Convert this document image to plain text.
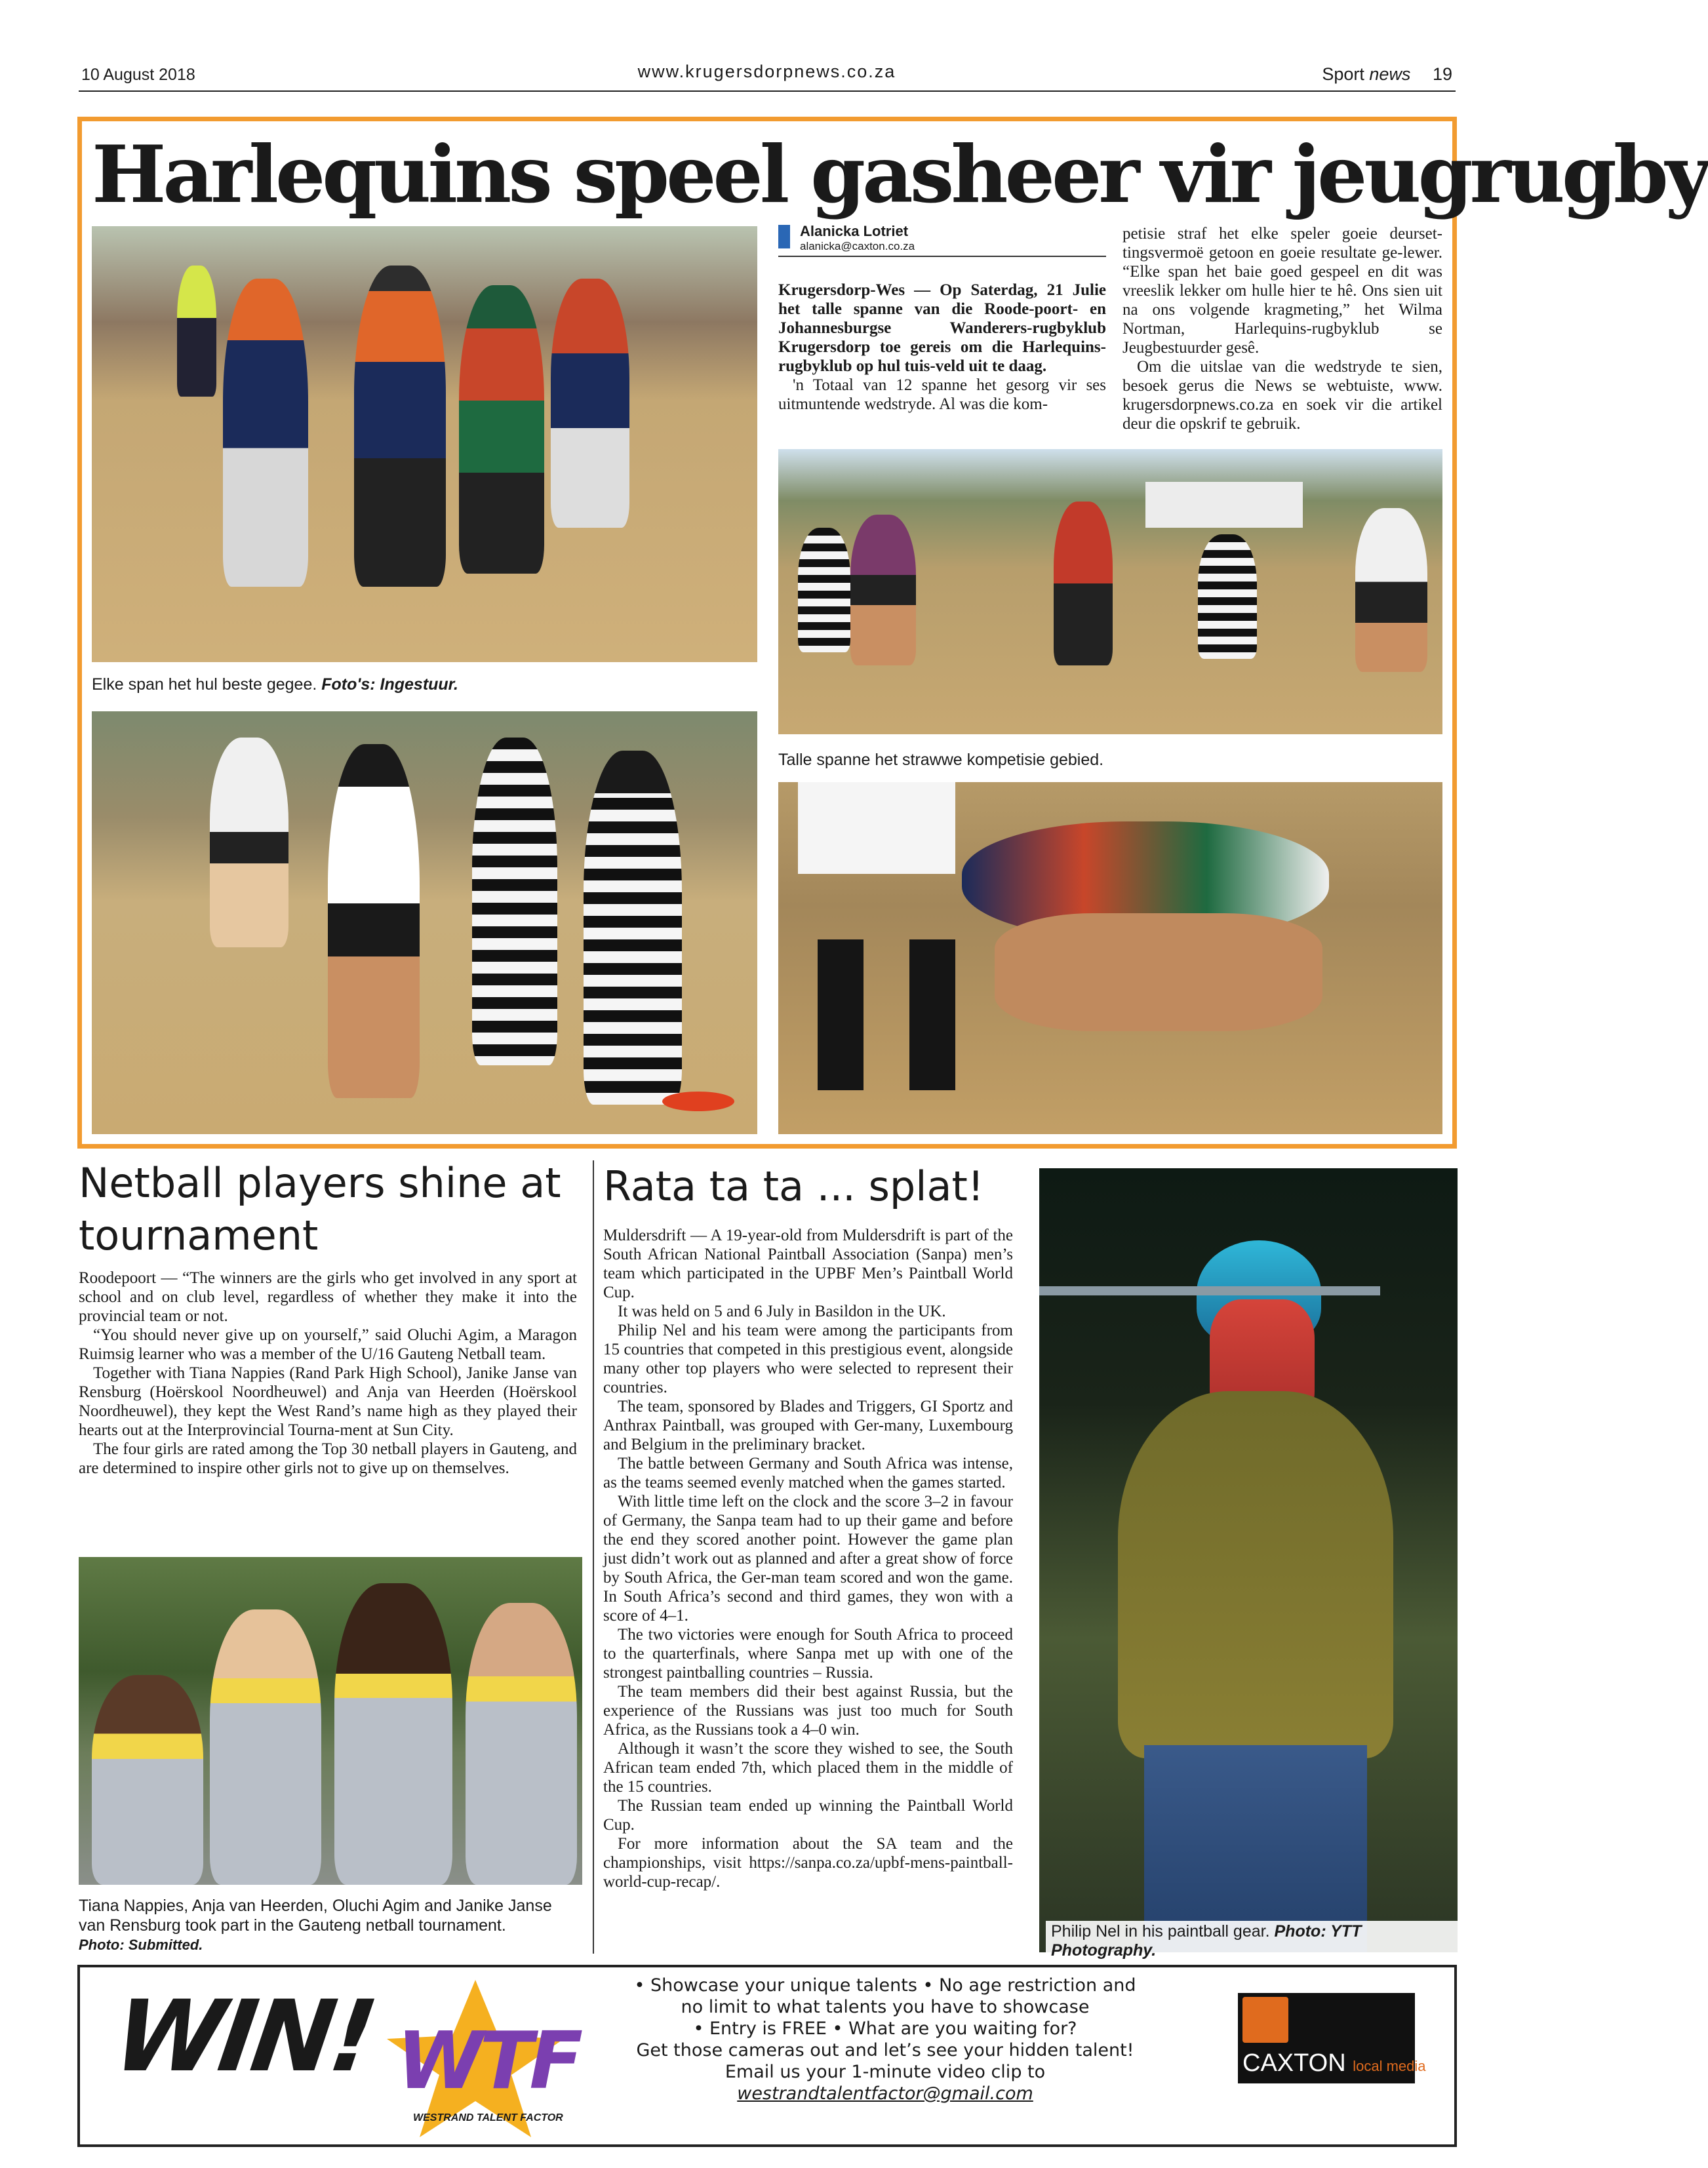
10 August 2018	www.krugersdorpnews.co.za	Sport news 19
Harlequins speel gasheer vir jeugrugby
Elke span het hul beste gegee. Foto's: Ingestuur.
Alanicka Lotriet
alanicka@caxton.co.za

Krugersdorp-Wes — Op Saterdag, 21 Julie het talle spanne van die Roode-poort- en Johannesburgse Wanderers-rugbyklub Krugersdorp toe gereis om die Harlequins-rugbyklub op hul tuis-veld uit te daag.

'n Totaal van 12 spanne het gesorg vir ses uitmuntende wedstryde. Al was die kom-

petisie straf het elke speler goeie deurset-tingsvermoë getoon en goeie resultate ge-lewer. “Elke span het baie goed gespeel en dit was vreeslik lekker om hulle hier te hê. Ons sien uit na ons volgende kragmeting,” het Wilma Nortman, Harlequins-rugbyklub se Jeugbestuurder gesê.

Om die uitslae van die wedstryde te sien, besoek gerus die News se webtuiste, www. krugersdorpnews.co.za en soek vir die artikel deur die opskrif te gebruik.

Talle spanne het strawwe kompetisie gebied.
Netball players shine at tournament

Roodepoort — “The winners are the girls who get involved in any sport at school and on club level, regardless of whether they make it into the provincial team or not.

“You should never give up on yourself,” said Oluchi Agim, a Maragon Ruimsig learner who was a member of the U/16 Gauteng Netball team.

Together with Tiana Nappies (Rand Park High School), Janike Janse van Rensburg (Hoërskool Noordheuwel) and Anja van Heerden (Hoërskool Noordheuwel), they kept the West Rand’s name high as they played their hearts out at the Interprovincial Tourna-ment at Sun City.

The four girls are rated among the Top 30 netball players in Gauteng, and are determined to inspire other girls not to give up on themselves.

Tiana Nappies, Anja van Heerden, Oluchi Agim and Janike Janse van Rensburg took part in the Gauteng netball tournament.
Photo: Submitted.
Rata ta ta ... splat!

Muldersdrift — A 19-year-old from Muldersdrift is part of the South African National Paintball Association (Sanpa) men’s team which participated in the UPBF Men’s Paintball World Cup.

It was held on 5 and 6 July in Basildon in the UK.

Philip Nel and his team were among the participants from 15 countries that competed in this prestigious event, alongside many other top players who were selected to represent their countries.

The team, sponsored by Blades and Triggers, GI Sportz and Anthrax Paintball, was grouped with Ger-many, Luxembourg and Belgium in the preliminary bracket.

The battle between Germany and South Africa was intense, as the teams seemed evenly matched when the games started.

With little time left on the clock and the score 3–2 in favour of Germany, the Sanpa team had to up their game and before the end they scored another point. However the game plan just didn’t work out as planned and after a great show of force by South Africa, the Ger-man team scored and won the game. In South Africa’s second and third games, they won with a score of 4–1.

The two victories were enough for South Africa to proceed to the quarterfinals, where Sanpa met up with one of the strongest paintballing countries – Russia.

The team members did their best against Russia, but the experience of the Russians was just too much for South Africa, as the Russians took a 4–0 win.

Although it wasn’t the score they wished to see, the South African team ended 7th, which placed them in the middle of the 15 countries.

The Russian team ended up winning the Paintball World Cup.

For more information about the SA team and the championships, visit https://sanpa.co.za/upbf-mens-paintball-world-cup-recap/.

Philip Nel in his paintball gear. Photo: YTT Photography.
WIN! WTF
WESTRAND TALENT FACTOR
• Showcase your unique talents • No age restriction and
no limit to what talents you have to showcase
• Entry is FREE • What are you waiting for?
Get those cameras out and let’s see your hidden talent!
Email us your 1-minute video clip to westrandtalentfactor@gmail.com
CAXTON local media
